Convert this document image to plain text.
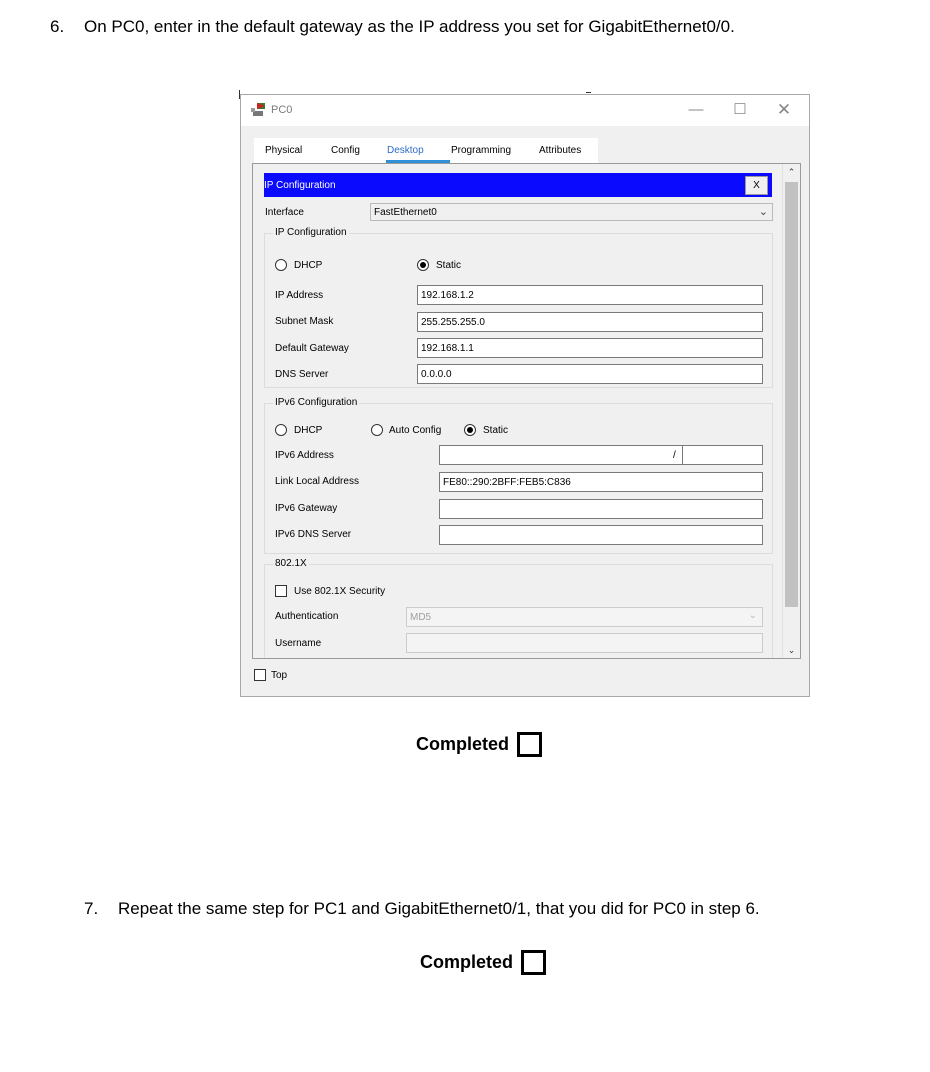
6. On PC0, enter in the default gateway as the IP address you set for GigabitEthernet0/0.
PC0	—	☐	✕
Physical	Config	Desktop	Programming	Attributes
IP Configuration	X
Interface	FastEthernet0	⌄
IP Configuration
DHCP	Static
IP Address	192.168.1.2
Subnet Mask	255.255.255.0
Default Gateway	192.168.1.1
DNS Server	0.0.0.0
IPv6 Configuration
DHCP	Auto Config	Static
IPv6 Address	/
Link Local Address	FE80::290:2BFF:FEB5:C836
IPv6 Gateway
IPv6 DNS Server
802.1X
Use 802.1X Security
Authentication	MD5	⌄
Username
⌃
⌄
Top
Completed
7. Repeat the same step for PC1 and GigabitEthernet0/1, that you did for PC0 in step 6.
Completed
